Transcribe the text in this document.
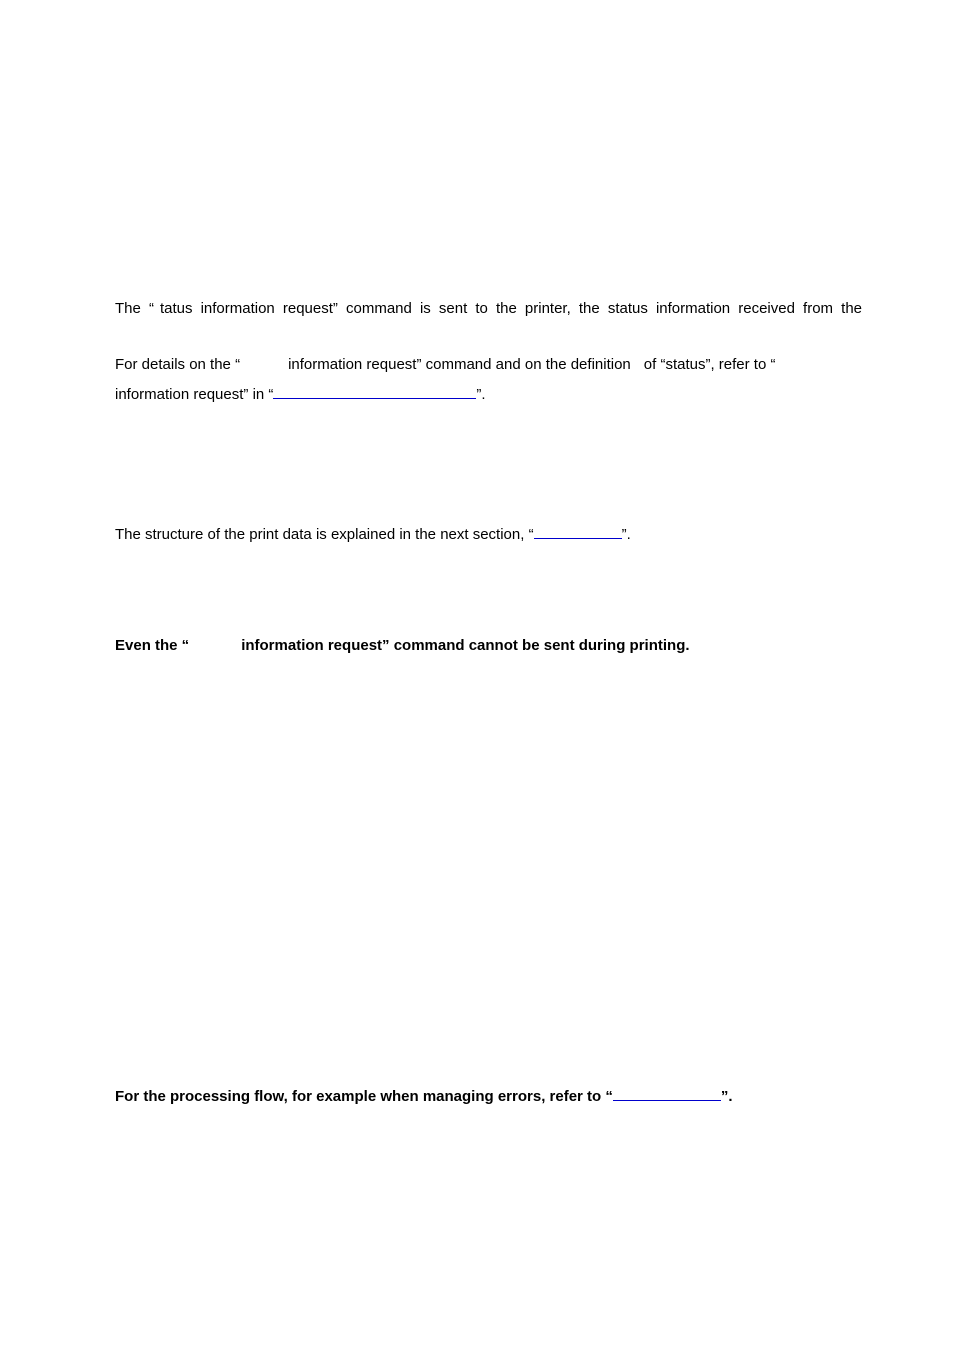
The “ tatus information request” command is sent to the printer, the status information received from the
For details on the “	information request” command and on the definition of “status”, refer to “
information request” in “	”.
The structure of the print data is explained in the next section, “	”.
Even the “	information request” command cannot be sent during printing.
For the processing flow, for example when managing errors, refer to “	”.
